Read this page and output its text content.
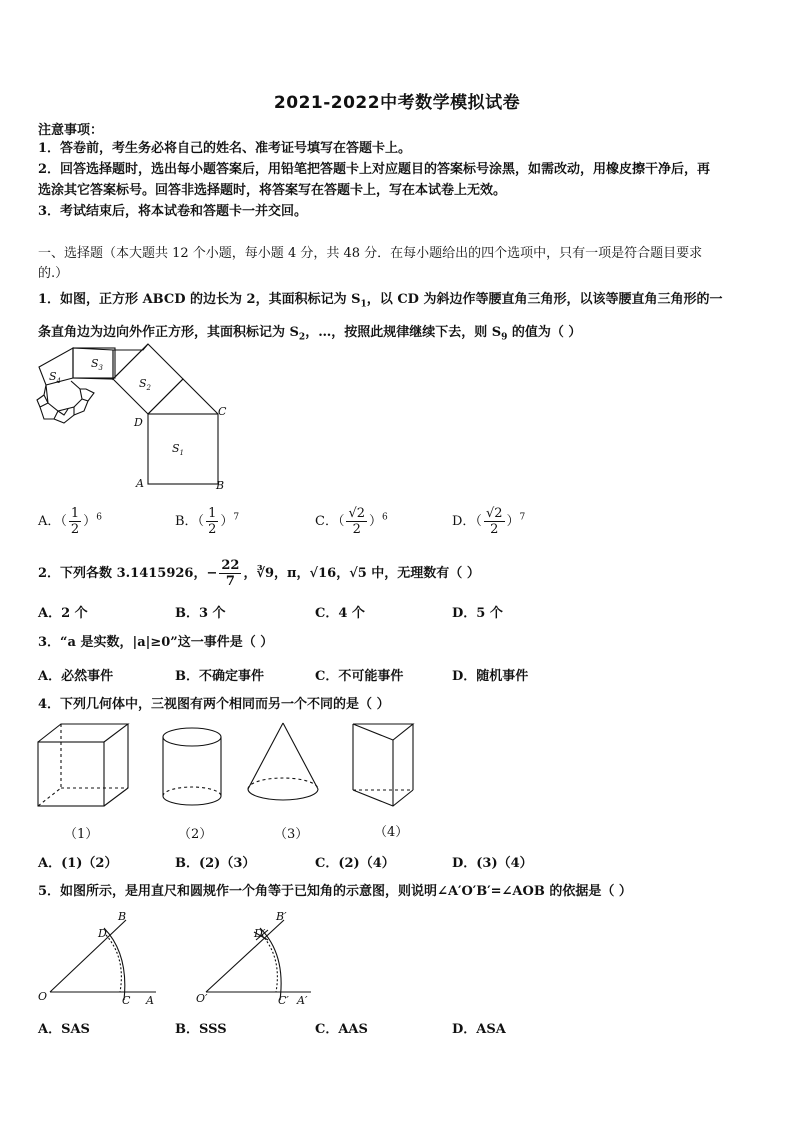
2021-2022中考数学模拟试卷
注意事项：
1．答卷前，考生务必将自己的姓名、准考证号填写在答题卡上。
2．回答选择题时，选出每小题答案后，用铅笔把答题卡上对应题目的答案标号涂黑，如需改动，用橡皮擦干净后，再
选涂其它答案标号。回答非选择题时，将答案写在答题卡上，写在本试卷上无效。
3．考试结束后，将本试卷和答题卡一并交回。
一、选择题（本大题共 12 个小题，每小题 4 分，共 48 分．在每小题给出的四个选项中，只有一项是符合题目要求
的.）
1．如图，正方形 ABCD 的边长为 2，其面积标记为 $S_1$，以 CD 为斜边作等腰直角三角形，以该等腰直角三角形的一
条直角边为边向外作正方形，其面积标记为 $S_2$，…，按照此规律继续下去，则 $S_9$ 的值为（ ）
$S_1$
$S_2$
$S_3$
$S_4$
A	B
C
D
A．（ $\frac{1}{2} )^6$	B．（ $\frac{1}{2} )^7$	C．（ $\frac{√2}{2} )^6$	D．（ $\frac{√2}{2} )^7$
2．下列各数 3.1415926，− $\frac{22}{7}$ ，∛9，π，√16，√5 中，无理数有（ ）
A．2 个	B．3 个	C．4 个	D．5 个
3．“a 是实数，|a|≥0”这一事件是（ ）
A．必然事件	B．不确定事件	C．不可能事件	D．随机事件
4．下列几何体中，三视图有两个相同而另一个不同的是（ ）
（1）	（2）	（3）	（4）
A．(1)（2）	B．(2)（3）	C．(2)（4）	D．(3)（4）
5．如图所示，是用直尺和圆规作一个角等于已知角的示意图，则说明∠A′O′B′=∠AOB 的依据是（ ）
B
D
O	C A
B′
D′
O′	C′ A′
A．SAS	B．SSS	C．AAS	D．ASA
